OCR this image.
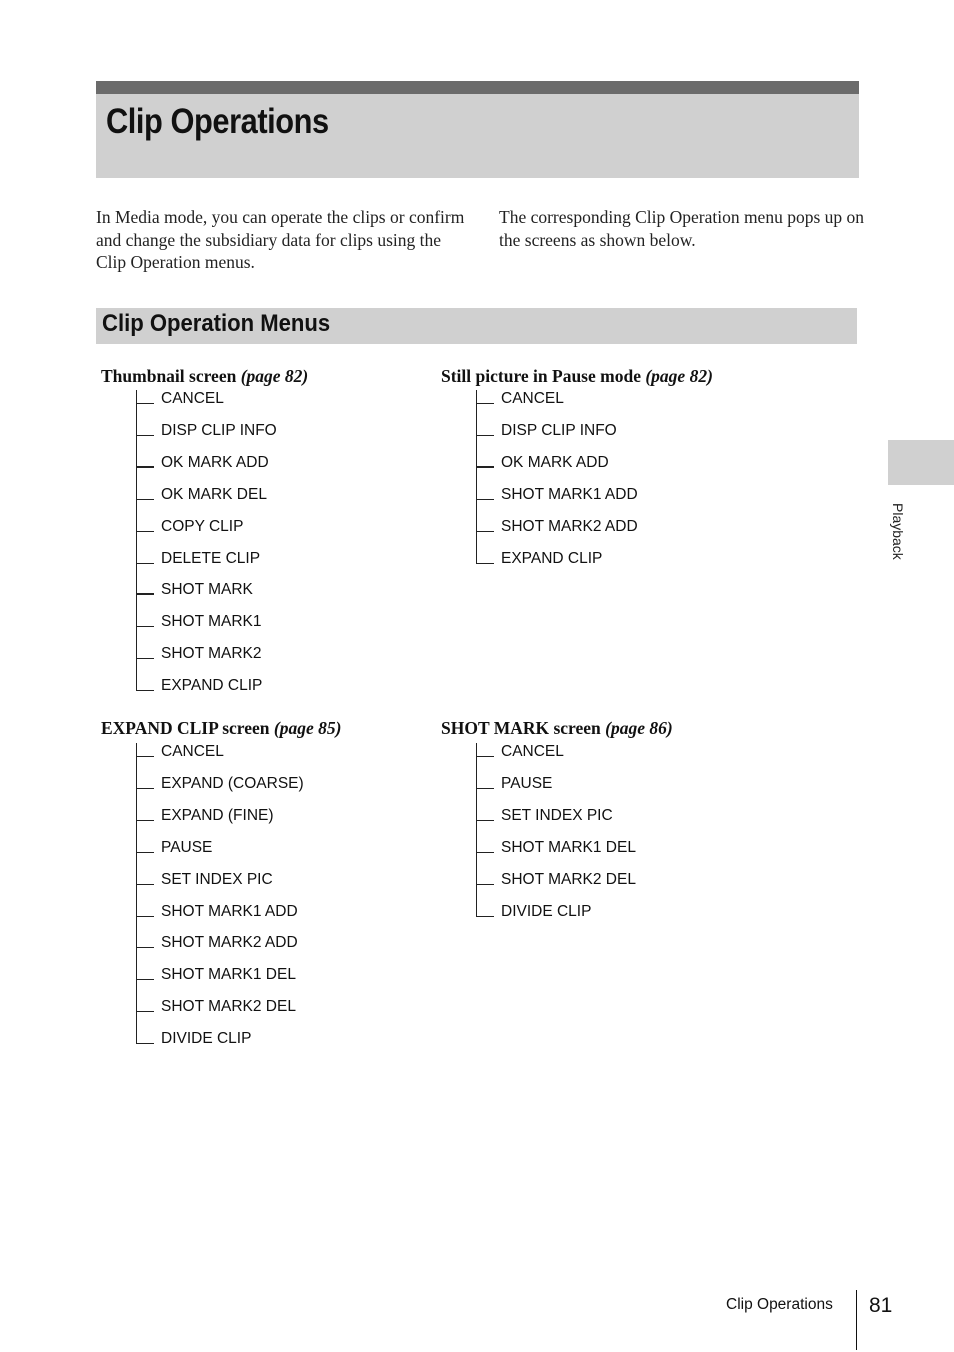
Clip Operations

In Media mode, you can operate the clips or confirm and change the subsidiary data for clips using the Clip Operation menus.

The corresponding Clip Operation menu pops up on the screens as shown below.

Clip Operation Menus
Thumbnail screen (page 82)
CANCEL
DISP CLIP INFO
OK MARK ADD
OK MARK DEL
COPY CLIP
DELETE CLIP
SHOT MARK
SHOT MARK1
SHOT MARK2
EXPAND CLIP
Still picture in Pause mode (page 82)
CANCEL
DISP CLIP INFO
OK MARK ADD
SHOT MARK1 ADD
SHOT MARK2 ADD
EXPAND CLIP
EXPAND CLIP screen (page 85)
CANCEL
EXPAND (COARSE)
EXPAND (FINE)
PAUSE
SET INDEX PIC
SHOT MARK1 ADD
SHOT MARK2 ADD
SHOT MARK1 DEL
SHOT MARK2 DEL
DIVIDE CLIP
SHOT MARK screen (page 86)
CANCEL
PAUSE
SET INDEX PIC
SHOT MARK1 DEL
SHOT MARK2 DEL
DIVIDE CLIP
Playback
Clip Operations 81
